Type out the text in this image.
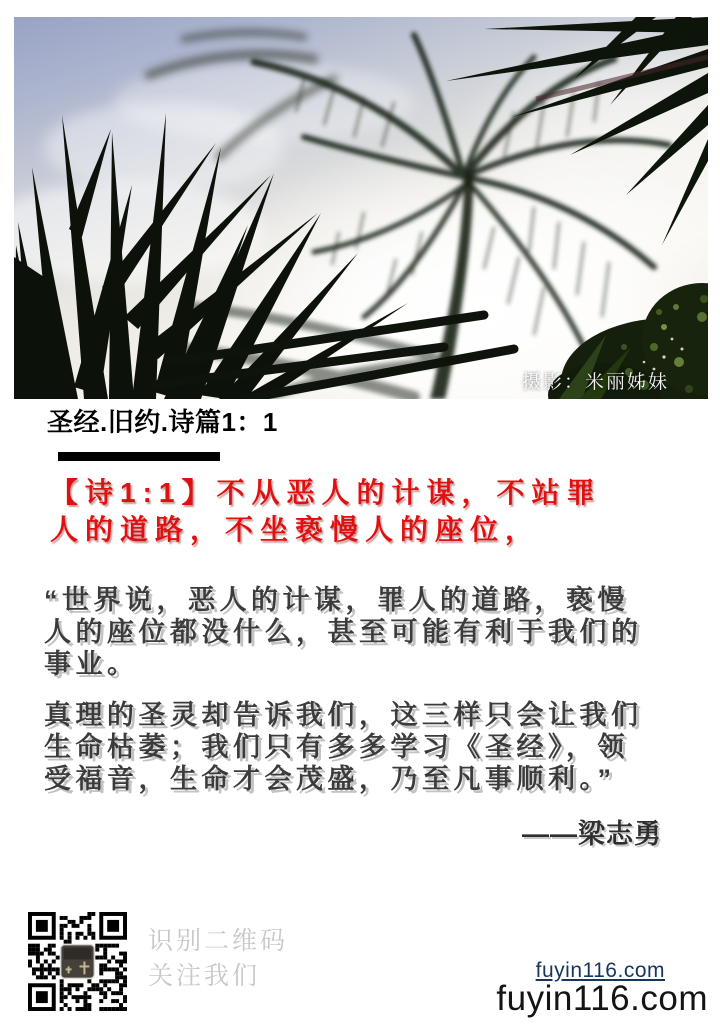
摄影：米丽姊妹
圣经.旧约.诗篇1：1
【诗1:1】不从恶人的计谋，不站罪
人的道路，不坐亵慢人的座位，
“世界说，恶人的计谋，罪人的道路，亵慢
人的座位都没什么，甚至可能有利于我们的
事业。
真理的圣灵却告诉我们，这三样只会让我们
生命枯萎；我们只有多多学习《圣经》，领
受福音，生命才会茂盛，乃至凡事顺利。”
——梁志勇
识别二维码
关注我们	fuyin116.com
fuyin116.com
